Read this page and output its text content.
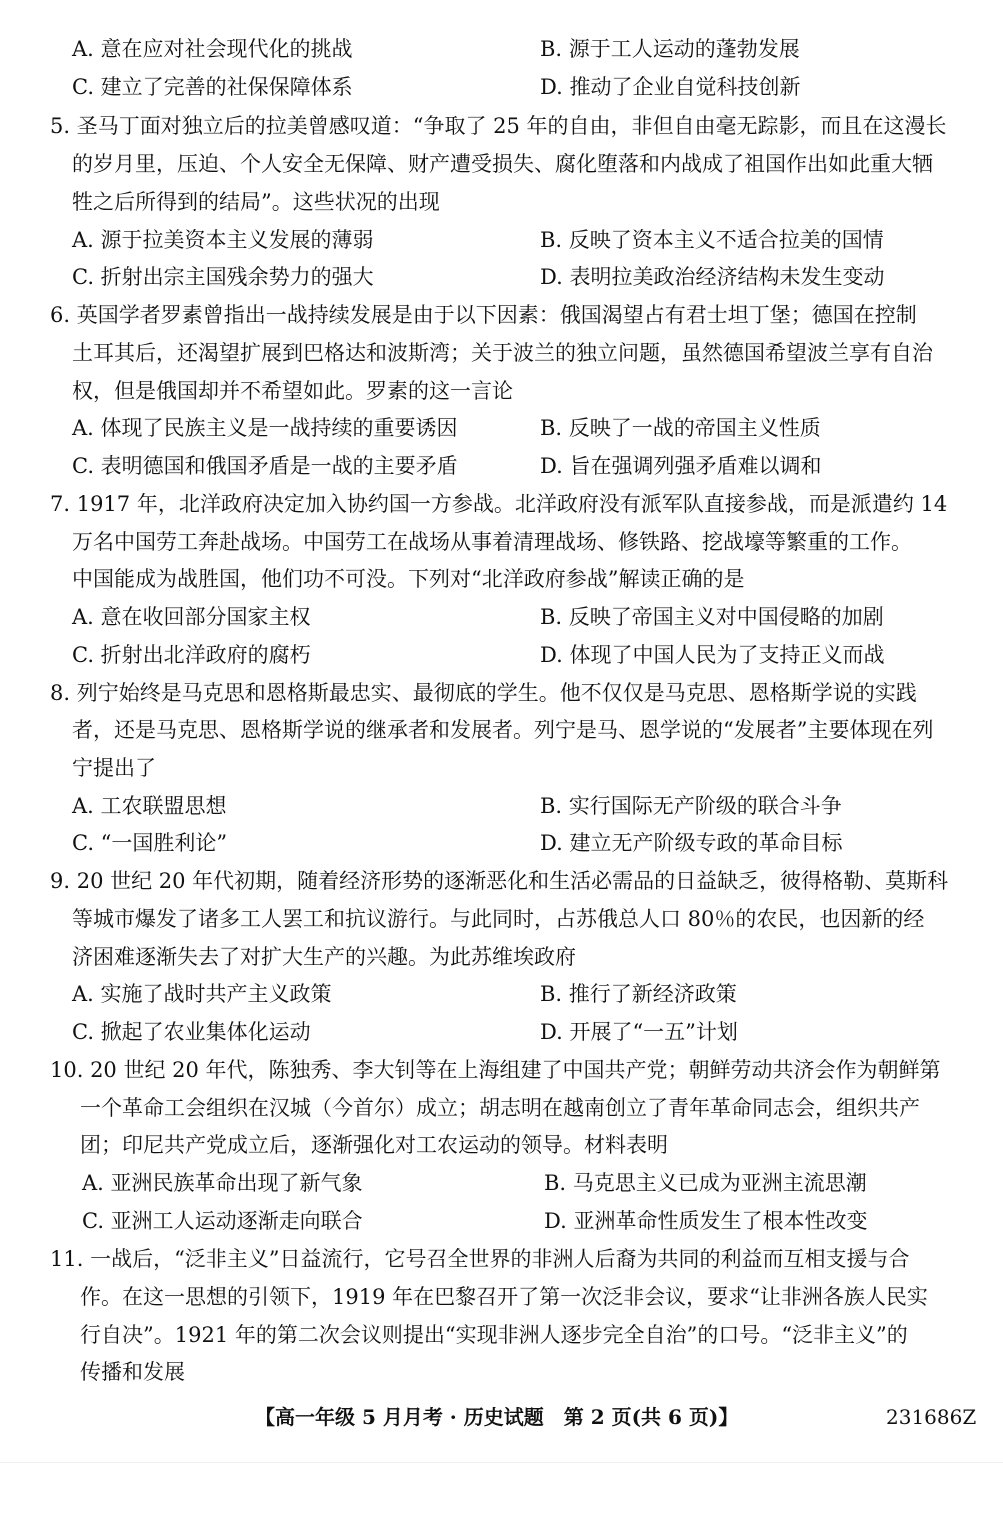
A. 意在应对社会现代化的挑战	B. 源于工人运动的蓬勃发展
C. 建立了完善的社保保障体系	D. 推动了企业自觉科技创新
5. 圣马丁面对独立后的拉美曾感叹道：“争取了 25 年的自由，非但自由毫无踪影，而且在这漫长
的岁月里，压迫、个人安全无保障、财产遭受损失、腐化堕落和内战成了祖国作出如此重大牺
牲之后所得到的结局”。这些状况的出现
A. 源于拉美资本主义发展的薄弱	B. 反映了资本主义不适合拉美的国情
C. 折射出宗主国残余势力的强大	D. 表明拉美政治经济结构未发生变动
6. 英国学者罗素曾指出一战持续发展是由于以下因素：俄国渴望占有君士坦丁堡；德国在控制
土耳其后，还渴望扩展到巴格达和波斯湾；关于波兰的独立问题，虽然德国希望波兰享有自治
权，但是俄国却并不希望如此。罗素的这一言论
A. 体现了民族主义是一战持续的重要诱因	B. 反映了一战的帝国主义性质
C. 表明德国和俄国矛盾是一战的主要矛盾	D. 旨在强调列强矛盾难以调和
7. 1917 年，北洋政府决定加入协约国一方参战。北洋政府没有派军队直接参战，而是派遣约 14
万名中国劳工奔赴战场。中国劳工在战场从事着清理战场、修铁路、挖战壕等繁重的工作。
中国能成为战胜国，他们功不可没。下列对“北洋政府参战”解读正确的是
A. 意在收回部分国家主权	B. 反映了帝国主义对中国侵略的加剧
C. 折射出北洋政府的腐朽	D. 体现了中国人民为了支持正义而战
8. 列宁始终是马克思和恩格斯最忠实、最彻底的学生。他不仅仅是马克思、恩格斯学说的实践
者，还是马克思、恩格斯学说的继承者和发展者。列宁是马、恩学说的“发展者”主要体现在列
宁提出了
A. 工农联盟思想	B. 实行国际无产阶级的联合斗争
C. “一国胜利论”	D. 建立无产阶级专政的革命目标
9. 20 世纪 20 年代初期，随着经济形势的逐渐恶化和生活必需品的日益缺乏，彼得格勒、莫斯科
等城市爆发了诸多工人罢工和抗议游行。与此同时，占苏俄总人口 80％的农民，也因新的经
济困难逐渐失去了对扩大生产的兴趣。为此苏维埃政府
A. 实施了战时共产主义政策	B. 推行了新经济政策
C. 掀起了农业集体化运动	D. 开展了“一五”计划
10. 20 世纪 20 年代，陈独秀、李大钊等在上海组建了中国共产党；朝鲜劳动共济会作为朝鲜第
一个革命工会组织在汉城（今首尔）成立；胡志明在越南创立了青年革命同志会，组织共产
团；印尼共产党成立后，逐渐强化对工农运动的领导。材料表明
A. 亚洲民族革命出现了新气象	B. 马克思主义已成为亚洲主流思潮
C. 亚洲工人运动逐渐走向联合	D. 亚洲革命性质发生了根本性改变
11. 一战后，“泛非主义”日益流行，它号召全世界的非洲人后裔为共同的利益而互相支援与合
作。在这一思想的引领下，1919 年在巴黎召开了第一次泛非会议，要求“让非洲各族人民实
行自决”。1921 年的第二次会议则提出“实现非洲人逐步完全自治”的口号。“泛非主义”的
传播和发展
【高一年级 5 月月考 · 历史试题　第 2 页(共 6 页)】	231686Z
